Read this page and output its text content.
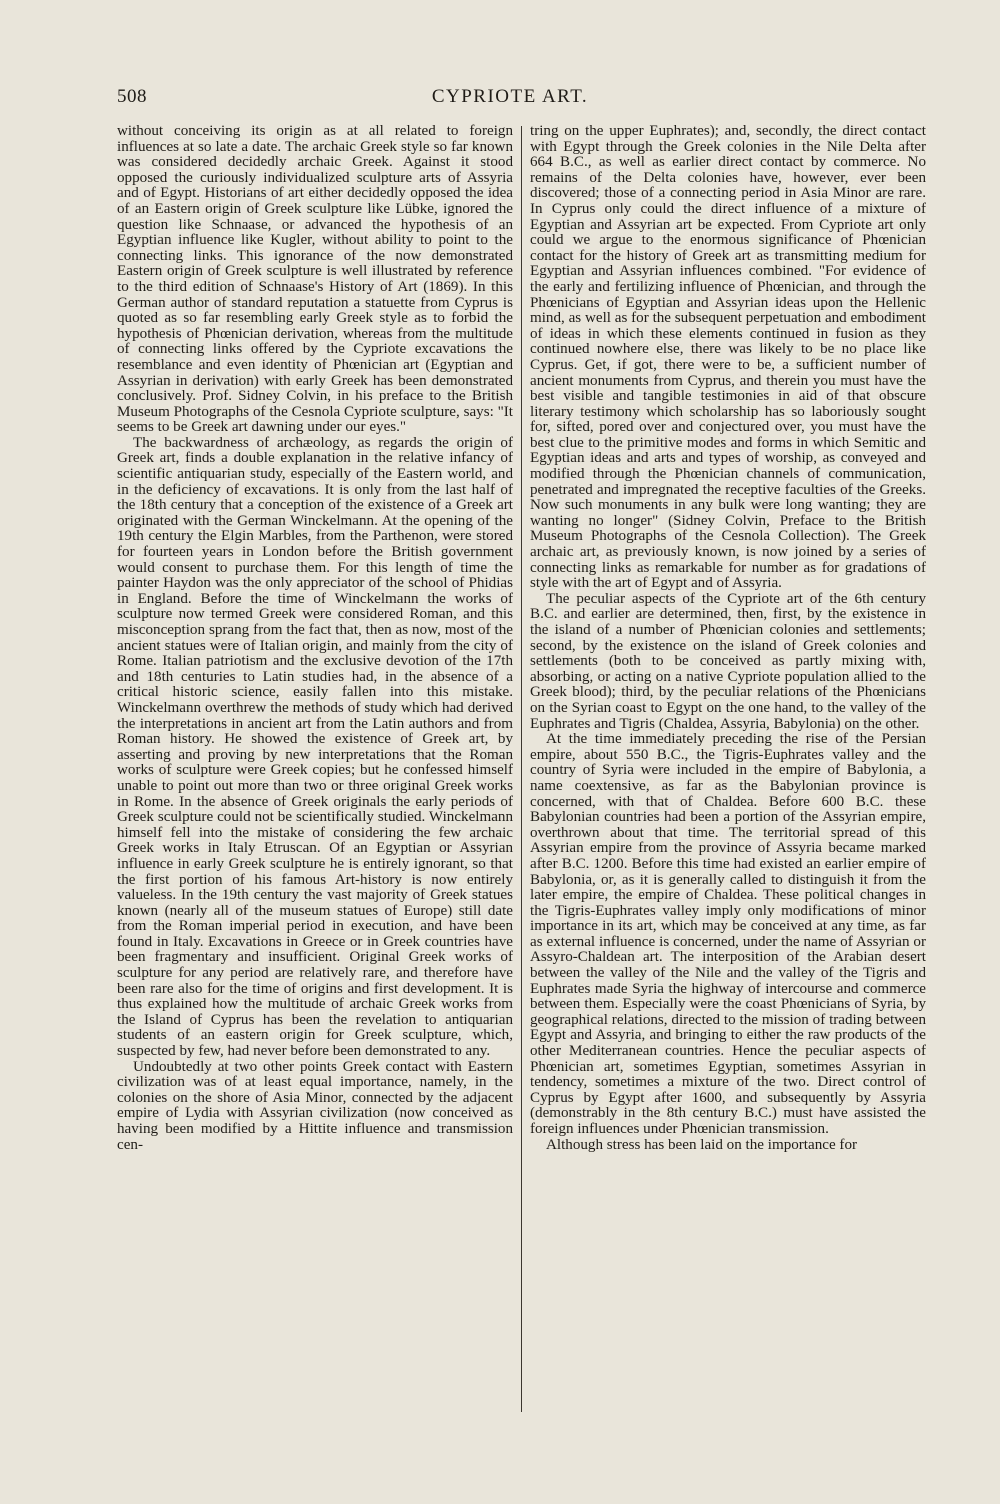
508	CYPRIOTE ART.

without conceiving its origin as at all related to foreign influences at so late a date. The archaic Greek style so far known was considered decidedly archaic Greek. Against it stood opposed the curiously individualized sculpture arts of Assyria and of Egypt. Historians of art either decidedly opposed the idea of an Eastern origin of Greek sculpture like Lübke, ignored the question like Schnaase, or advanced the hypothesis of an Egyptian influence like Kugler, without ability to point to the connecting links. This ignorance of the now demonstrated Eastern origin of Greek sculpture is well illustrated by reference to the third edition of Schnaase's History of Art (1869). In this German author of standard reputation a statuette from Cyprus is quoted as so far resembling early Greek style as to forbid the hypothesis of Phœnician derivation, whereas from the multitude of connecting links offered by the Cypriote excavations the resemblance and even identity of Phœnician art (Egyptian and Assyrian in derivation) with early Greek has been demonstrated conclusively. Prof. Sidney Colvin, in his preface to the British Museum Photographs of the Cesnola Cypriote sculpture, says: "It seems to be Greek art dawning under our eyes."

The backwardness of archæology, as regards the origin of Greek art, finds a double explanation in the relative infancy of scientific antiquarian study, especially of the Eastern world, and in the deficiency of excavations. It is only from the last half of the 18th century that a conception of the existence of a Greek art originated with the German Winckelmann. At the opening of the 19th century the Elgin Marbles, from the Parthenon, were stored for fourteen years in London before the British government would consent to purchase them. For this length of time the painter Haydon was the only appreciator of the school of Phidias in England. Before the time of Winckelmann the works of sculpture now termed Greek were considered Roman, and this misconception sprang from the fact that, then as now, most of the ancient statues were of Italian origin, and mainly from the city of Rome. Italian patriotism and the exclusive devotion of the 17th and 18th centuries to Latin studies had, in the absence of a critical historic science, easily fallen into this mistake. Winckelmann overthrew the methods of study which had derived the interpretations in ancient art from the Latin authors and from Roman history. He showed the existence of Greek art, by asserting and proving by new interpretations that the Roman works of sculpture were Greek copies; but he confessed himself unable to point out more than two or three original Greek works in Rome. In the absence of Greek originals the early periods of Greek sculpture could not be scientifically studied. Winckelmann himself fell into the mistake of considering the few archaic Greek works in Italy Etruscan. Of an Egyptian or Assyrian influence in early Greek sculpture he is entirely ignorant, so that the first portion of his famous Art-history is now entirely valueless. In the 19th century the vast majority of Greek statues known (nearly all of the museum statues of Europe) still date from the Roman imperial period in execution, and have been found in Italy. Excavations in Greece or in Greek countries have been fragmentary and insufficient. Original Greek works of sculpture for any period are relatively rare, and therefore have been rare also for the time of origins and first development. It is thus explained how the multitude of archaic Greek works from the Island of Cyprus has been the revelation to antiquarian students of an eastern origin for Greek sculpture, which, suspected by few, had never before been demonstrated to any.

Undoubtedly at two other points Greek contact with Eastern civilization was of at least equal importance, namely, in the colonies on the shore of Asia Minor, connected by the adjacent empire of Lydia with Assyrian civilization (now conceived as having been modified by a Hittite influence and transmission cen-

tring on the upper Euphrates); and, secondly, the direct contact with Egypt through the Greek colonies in the Nile Delta after 664 B.C., as well as earlier direct contact by commerce. No remains of the Delta colonies have, however, ever been discovered; those of a connecting period in Asia Minor are rare. In Cyprus only could the direct influence of a mixture of Egyptian and Assyrian art be expected. From Cypriote art only could we argue to the enormous significance of Phœnician contact for the history of Greek art as transmitting medium for Egyptian and Assyrian influences combined. "For evidence of the early and fertilizing influence of Phœnician, and through the Phœnicians of Egyptian and Assyrian ideas upon the Hellenic mind, as well as for the subsequent perpetuation and embodiment of ideas in which these elements continued in fusion as they continued nowhere else, there was likely to be no place like Cyprus. Get, if got, there were to be, a sufficient number of ancient monuments from Cyprus, and therein you must have the best visible and tangible testimonies in aid of that obscure literary testimony which scholarship has so laboriously sought for, sifted, pored over and conjectured over, you must have the best clue to the primitive modes and forms in which Semitic and Egyptian ideas and arts and types of worship, as conveyed and modified through the Phœnician channels of communication, penetrated and impregnated the receptive faculties of the Greeks. Now such monuments in any bulk were long wanting; they are wanting no longer" (Sidney Colvin, Preface to the British Museum Photographs of the Cesnola Collection). The Greek archaic art, as previously known, is now joined by a series of connecting links as remarkable for number as for gradations of style with the art of Egypt and of Assyria.

The peculiar aspects of the Cypriote art of the 6th century B.C. and earlier are determined, then, first, by the existence in the island of a number of Phœnician colonies and settlements; second, by the existence on the island of Greek colonies and settlements (both to be conceived as partly mixing with, absorbing, or acting on a native Cypriote population allied to the Greek blood); third, by the peculiar relations of the Phœnicians on the Syrian coast to Egypt on the one hand, to the valley of the Euphrates and Tigris (Chaldea, Assyria, Babylonia) on the other.

At the time immediately preceding the rise of the Persian empire, about 550 B.C., the Tigris-Euphrates valley and the country of Syria were included in the empire of Babylonia, a name coextensive, as far as the Babylonian province is concerned, with that of Chaldea. Before 600 B.C. these Babylonian countries had been a portion of the Assyrian empire, overthrown about that time. The territorial spread of this Assyrian empire from the province of Assyria became marked after B.C. 1200. Before this time had existed an earlier empire of Babylonia, or, as it is generally called to distinguish it from the later empire, the empire of Chaldea. These political changes in the Tigris-Euphrates valley imply only modifications of minor importance in its art, which may be conceived at any time, as far as external influence is concerned, under the name of Assyrian or Assyro-Chaldean art. The interposition of the Arabian desert between the valley of the Nile and the valley of the Tigris and Euphrates made Syria the highway of intercourse and commerce between them. Especially were the coast Phœnicians of Syria, by geographical relations, directed to the mission of trading between Egypt and Assyria, and bringing to either the raw products of the other Mediterranean countries. Hence the peculiar aspects of Phœnician art, sometimes Egyptian, sometimes Assyrian in tendency, sometimes a mixture of the two. Direct control of Cyprus by Egypt after 1600, and subsequently by Assyria (demonstrably in the 8th century B.C.) must have assisted the foreign influences under Phœnician transmission.

Although stress has been laid on the importance for
